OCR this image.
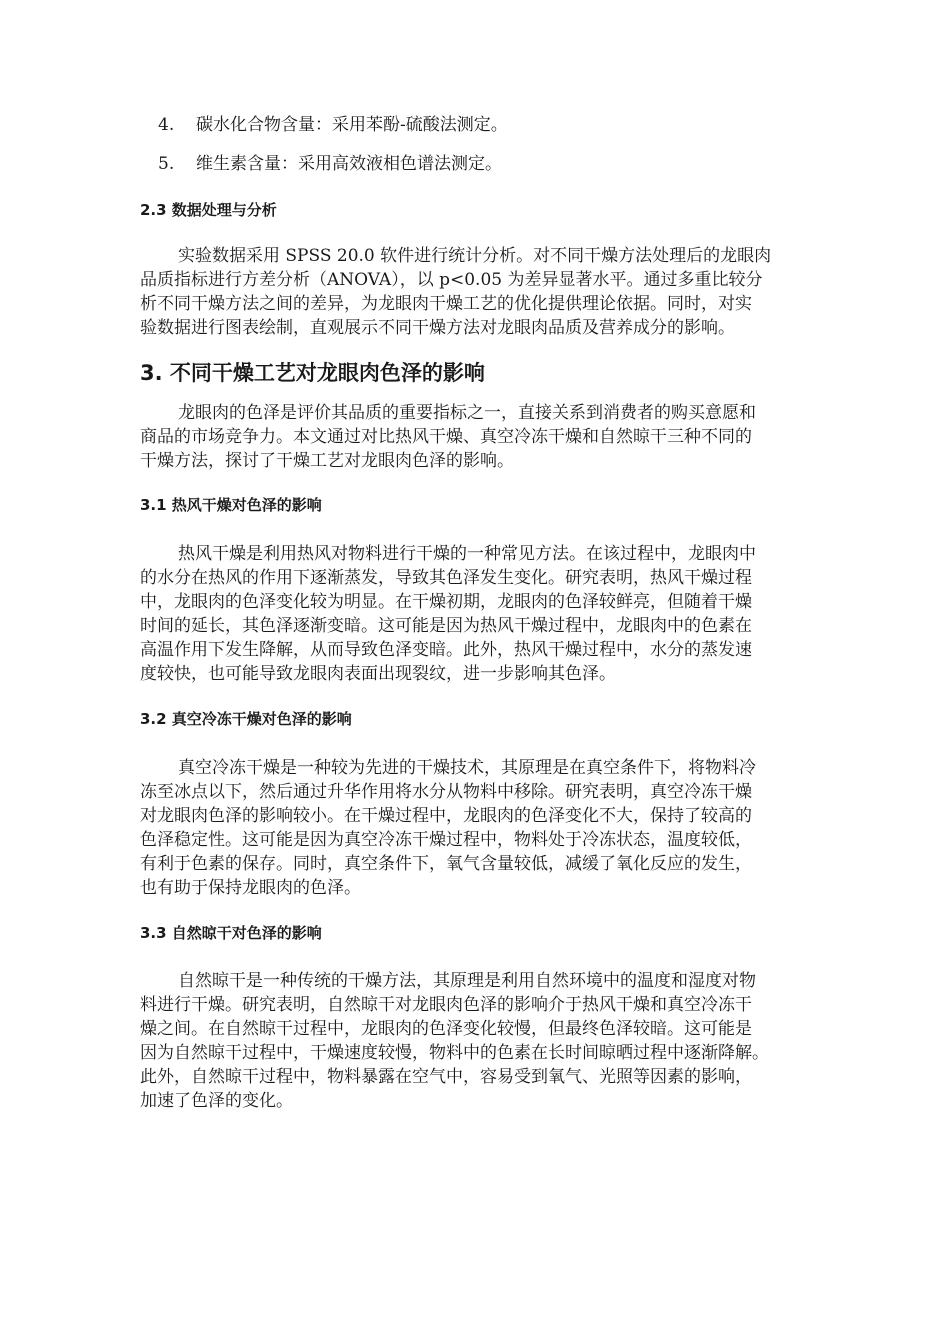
4. 碳水化合物含量：采用苯酚-硫酸法测定。
5. 维生素含量：采用高效液相色谱法测定。
2.3 数据处理与分析
实验数据采用 SPSS 20.0 软件进行统计分析。对不同干燥方法处理后的龙眼肉
品质指标进行方差分析（ANOVA），以 p<0.05 为差异显著水平。通过多重比较分
析不同干燥方法之间的差异，为龙眼肉干燥工艺的优化提供理论依据。同时，对实
验数据进行图表绘制，直观展示不同干燥方法对龙眼肉品质及营养成分的影响。
3. 不同干燥工艺对龙眼肉色泽的影响
龙眼肉的色泽是评价其品质的重要指标之一，直接关系到消费者的购买意愿和
商品的市场竞争力。本文通过对比热风干燥、真空冷冻干燥和自然晾干三种不同的
干燥方法，探讨了干燥工艺对龙眼肉色泽的影响。
3.1 热风干燥对色泽的影响
热风干燥是利用热风对物料进行干燥的一种常见方法。在该过程中，龙眼肉中
的水分在热风的作用下逐渐蒸发，导致其色泽发生变化。研究表明，热风干燥过程
中，龙眼肉的色泽变化较为明显。在干燥初期，龙眼肉的色泽较鲜亮，但随着干燥
时间的延长，其色泽逐渐变暗。这可能是因为热风干燥过程中，龙眼肉中的色素在
高温作用下发生降解，从而导致色泽变暗。此外，热风干燥过程中，水分的蒸发速
度较快，也可能导致龙眼肉表面出现裂纹，进一步影响其色泽。
3.2 真空冷冻干燥对色泽的影响
真空冷冻干燥是一种较为先进的干燥技术，其原理是在真空条件下，将物料冷
冻至冰点以下，然后通过升华作用将水分从物料中移除。研究表明，真空冷冻干燥
对龙眼肉色泽的影响较小。在干燥过程中，龙眼肉的色泽变化不大，保持了较高的
色泽稳定性。这可能是因为真空冷冻干燥过程中，物料处于冷冻状态，温度较低，
有利于色素的保存。同时，真空条件下，氧气含量较低，减缓了氧化反应的发生，
也有助于保持龙眼肉的色泽。
3.3 自然晾干对色泽的影响
自然晾干是一种传统的干燥方法，其原理是利用自然环境中的温度和湿度对物
料进行干燥。研究表明，自然晾干对龙眼肉色泽的影响介于热风干燥和真空冷冻干
燥之间。在自然晾干过程中，龙眼肉的色泽变化较慢，但最终色泽较暗。这可能是
因为自然晾干过程中，干燥速度较慢，物料中的色素在长时间晾晒过程中逐渐降解。
此外，自然晾干过程中，物料暴露在空气中，容易受到氧气、光照等因素的影响，
加速了色泽的变化。
